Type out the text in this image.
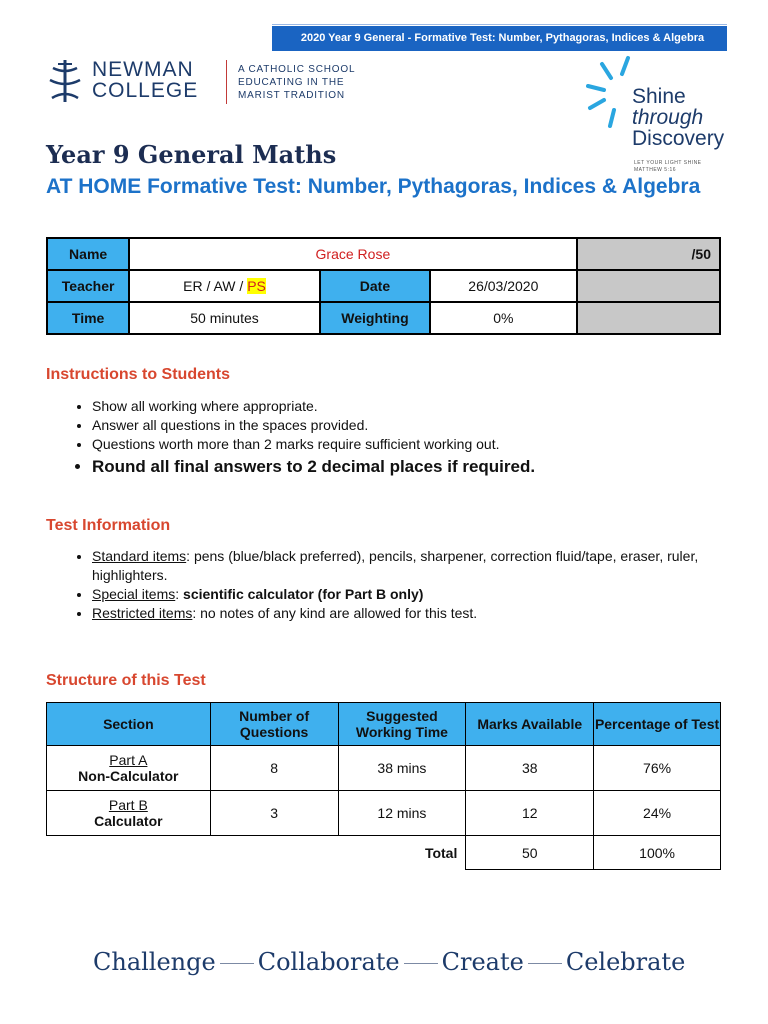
2020 Year 9 General - Formative Test: Number, Pythagoras, Indices & Algebra
NEWMAN
COLLEGE
A CATHOLIC SCHOOL
EDUCATING IN THE
MARIST TRADITION	Shine
through
Discovery
LET YOUR LIGHT SHINE
MATTHEW 5:16
Year 9 General Maths
AT HOME Formative Test: Number, Pythagoras, Indices & Algebra
Name	Grace Rose			/50
Teacher	ER / AW / PS	Date	26/03/2020	
Time	50 minutes	Weighting	0%	
Instructions to Students
• Show all working where appropriate.
• Answer all questions in the spaces provided.
• Questions worth more than 2 marks require sufficient working out.
• Round all final answers to 2 decimal places if required.
Test Information
• Standard items: pens (blue/black preferred), pencils, sharpener, correction fluid/tape, eraser, ruler, highlighters.
• Special items: scientific calculator (for Part B only)
• Restricted items: no notes of any kind are allowed for this test.
Structure of this Test
Section	Number of Questions	Suggested Working Time	Marks Available	Percentage of Test

Part A
Non-Calculator	8	38 mins	38	76%

Part B
Calculator	3	12 mins	12	24%
		Total	50	100%
Challenge Collaborate Create Celebrate
